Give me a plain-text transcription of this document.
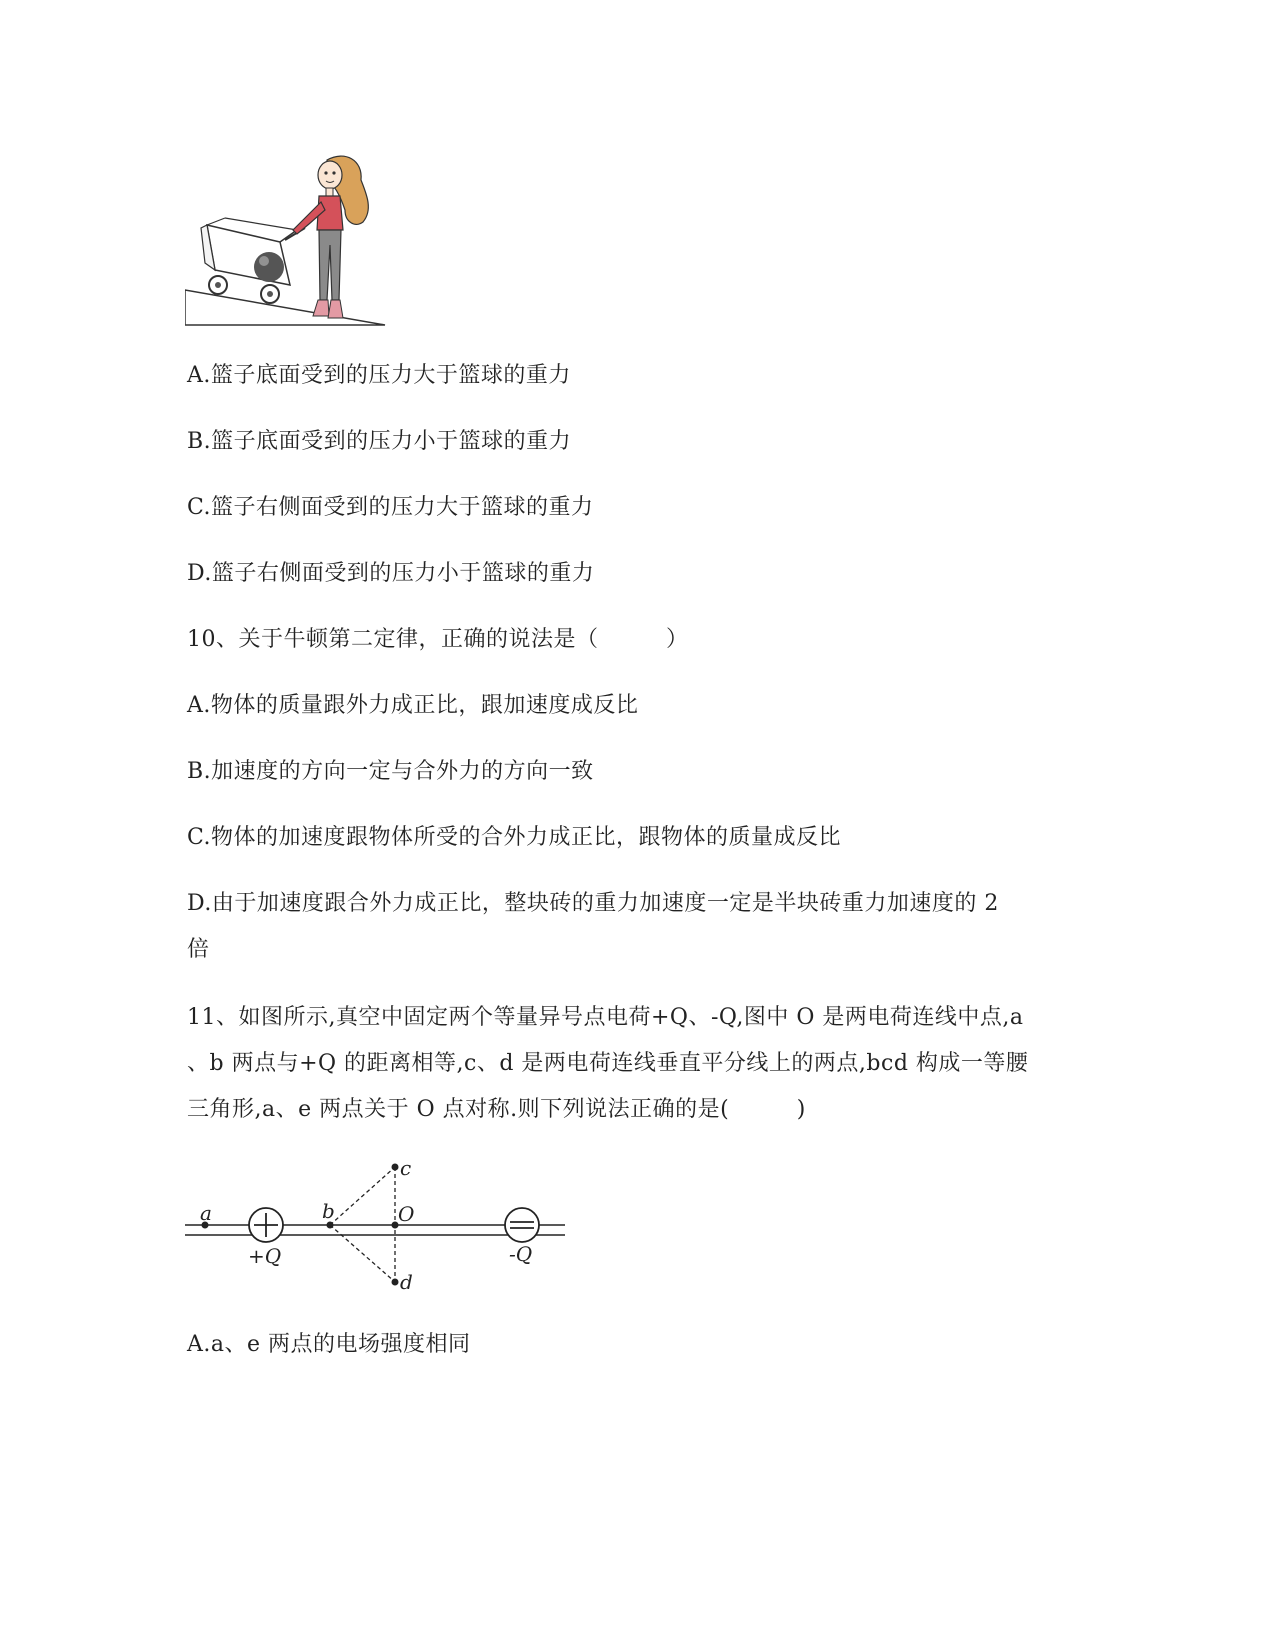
A.篮子底面受到的压力大于篮球的重力
B.篮子底面受到的压力小于篮球的重力
C.篮子右侧面受到的压力大于篮球的重力
D.篮子右侧面受到的压力小于篮球的重力
10、关于牛顿第二定律，正确的说法是（　　　）
A.物体的质量跟外力成正比，跟加速度成反比
B.加速度的方向一定与合外力的方向一致
C.物体的加速度跟物体所受的合外力成正比，跟物体的质量成反比
D.由于加速度跟合外力成正比，整块砖的重力加速度一定是半块砖重力加速度的 2
倍
11、如图所示,真空中固定两个等量异号点电荷+Q、-Q,图中 O 是两电荷连线中点,a
、b 两点与+Q 的距离相等,c、d 是两电荷连线垂直平分线上的两点,bcd 构成一等腰
三角形,a、e 两点关于 O 点对称.则下列说法正确的是(　　　)
a	b	O
c
d
+Q	-Q
A.a、e 两点的电场强度相同
